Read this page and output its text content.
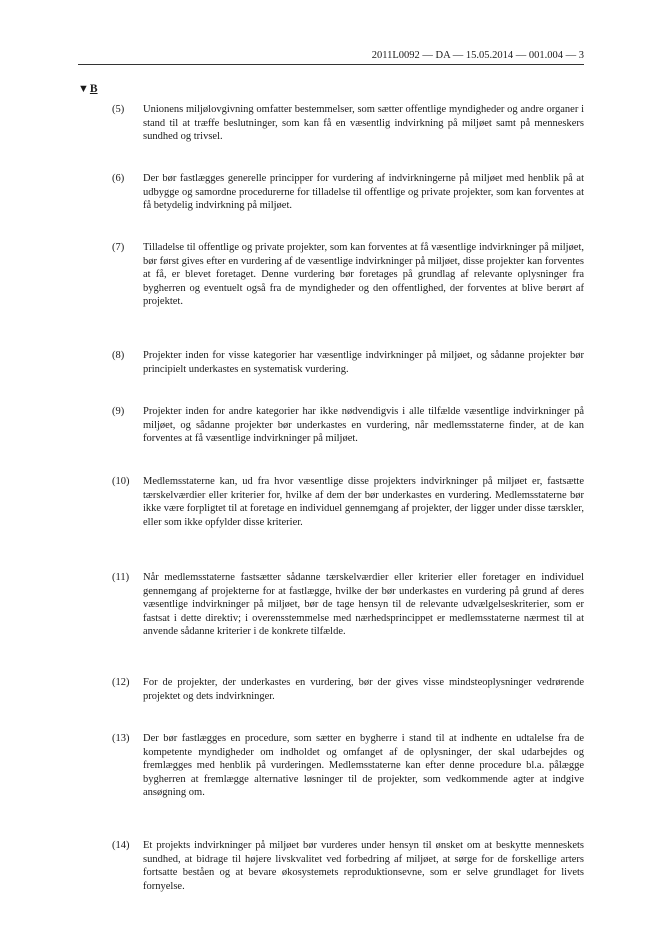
2011L0092 — DA — 15.05.2014 — 001.004 — 3
▼ B
(5)	Unionens miljølovgivning omfatter bestemmelser, som sætter offentlige myndigheder og andre organer i stand til at træffe beslutninger, som kan få en væsentlig indvirkning på miljøet samt på menneskers sundhed og trivsel.
(6)	Der bør fastlægges generelle principper for vurdering af indvirkningerne på miljøet med henblik på at udbygge og samordne procedurerne for tilladelse til offentlige og private projekter, som kan forventes at få betydelig indvirkning på miljøet.
(7)	Tilladelse til offentlige og private projekter, som kan forventes at få væsentlige indvirkninger på miljøet, bør først gives efter en vurdering af de væsentlige indvirkninger på miljøet, disse projekter kan forventes at få, er blevet foretaget. Denne vurdering bør foretages på grundlag af relevante oplysninger fra bygherren og eventuelt også fra de myndigheder og den offentlighed, der forventes at blive berørt af projektet.
(8)	Projekter inden for visse kategorier har væsentlige indvirkninger på miljøet, og sådanne projekter bør principielt underkastes en systematisk vurdering.
(9)	Projekter inden for andre kategorier har ikke nødvendigvis i alle tilfælde væsentlige indvirkninger på miljøet, og sådanne projekter bør underkastes en vurdering, når medlemsstaterne finder, at de kan forventes at få væsentlige indvirkninger på miljøet.
(10)	Medlemsstaterne kan, ud fra hvor væsentlige disse projekters indvirkninger på miljøet er, fastsætte tærskelværdier eller kriterier for, hvilke af dem der bør underkastes en vurdering. Medlemsstaterne bør ikke være forpligtet til at foretage en individuel gennemgang af projekter, der ligger under disse tærskler, eller som ikke opfylder disse kriterier.
(11)	Når medlemsstaterne fastsætter sådanne tærskelværdier eller kriterier eller foretager en individuel gennemgang af projekterne for at fastlægge, hvilke der bør underkastes en vurdering på grund af deres væsentlige indvirkninger på miljøet, bør de tage hensyn til de relevante udvælgelseskriterier, som er fastsat i dette direktiv; i overensstemmelse med nærhedsprincippet er medlemsstaterne nærmest til at anvende sådanne kriterier i de konkrete tilfælde.
(12)	For de projekter, der underkastes en vurdering, bør der gives visse mindsteoplysninger vedrørende projektet og dets indvirkninger.
(13)	Der bør fastlægges en procedure, som sætter en bygherre i stand til at indhente en udtalelse fra de kompetente myndigheder om indholdet og omfanget af de oplysninger, der skal udarbejdes og fremlægges med henblik på vurderingen. Medlemsstaterne kan efter denne procedure bl.a. pålægge bygherren at fremlægge alternative løsninger til de projekter, som vedkommende agter at indgive ansøgning om.
(14)	Et projekts indvirkninger på miljøet bør vurderes under hensyn til ønsket om at beskytte menneskets sundhed, at bidrage til højere livskvalitet ved forbedring af miljøet, at sørge for de forskellige arters fortsatte beståen og at bevare økosystemets reproduktionsevne, som er selve grundlaget for livets fornyelse.
